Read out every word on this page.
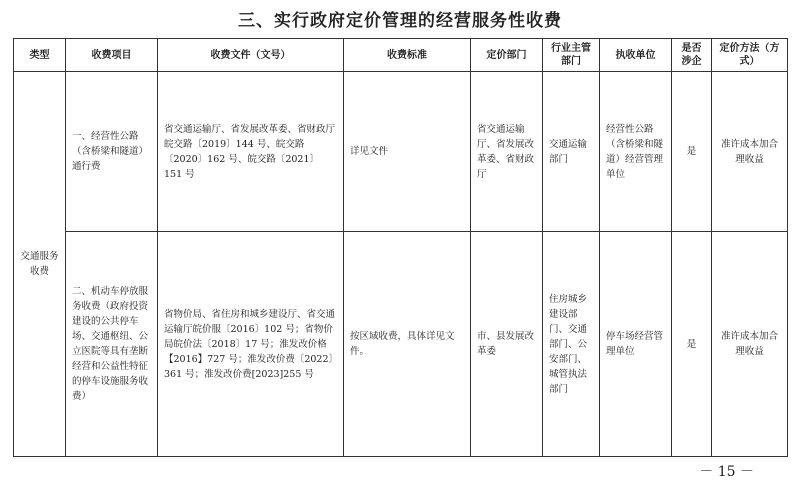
三、实行政府定价管理的经营服务性收费
类型	收费项目	收费文件（文号）	收费标准	定价部门	行业主管部门	执收单位	是否涉企	定价方法（方式）
交通服务收费	一、经营性公路（含桥梁和隧道）通行费	省交通运输厅、省发展改革委、省财政厅皖交路〔2019〕144 号、皖交路〔2020〕162 号、皖交路〔2021〕151 号	详见文件	省交通运输厅、省发展改革委、省财政厅	交通运输部门	经营性公路（含桥梁和隧道）经营管理单位	是	准许成本加合理收益
	二、机动车停放服务收费（政府投资建设的公共停车场、交通枢纽、公立医院等具有垄断经营和公益性特征的停车设施服务收费）	省物价局、省住房和城乡建设厅、省交通运输厅皖价服〔2016〕102 号；省物价局皖价法〔2018〕17 号；淮发改价格【2016】727 号；淮发改价费〔2022〕361 号；淮发改价费[2023]255 号	按区域收费，具体详见文件。	市、县发展改革委	住房城乡建设部门、交通部门、公安部门、城管执法部门	停车场经营管理单位	是	准许成本加合理收益
－ 15 －
